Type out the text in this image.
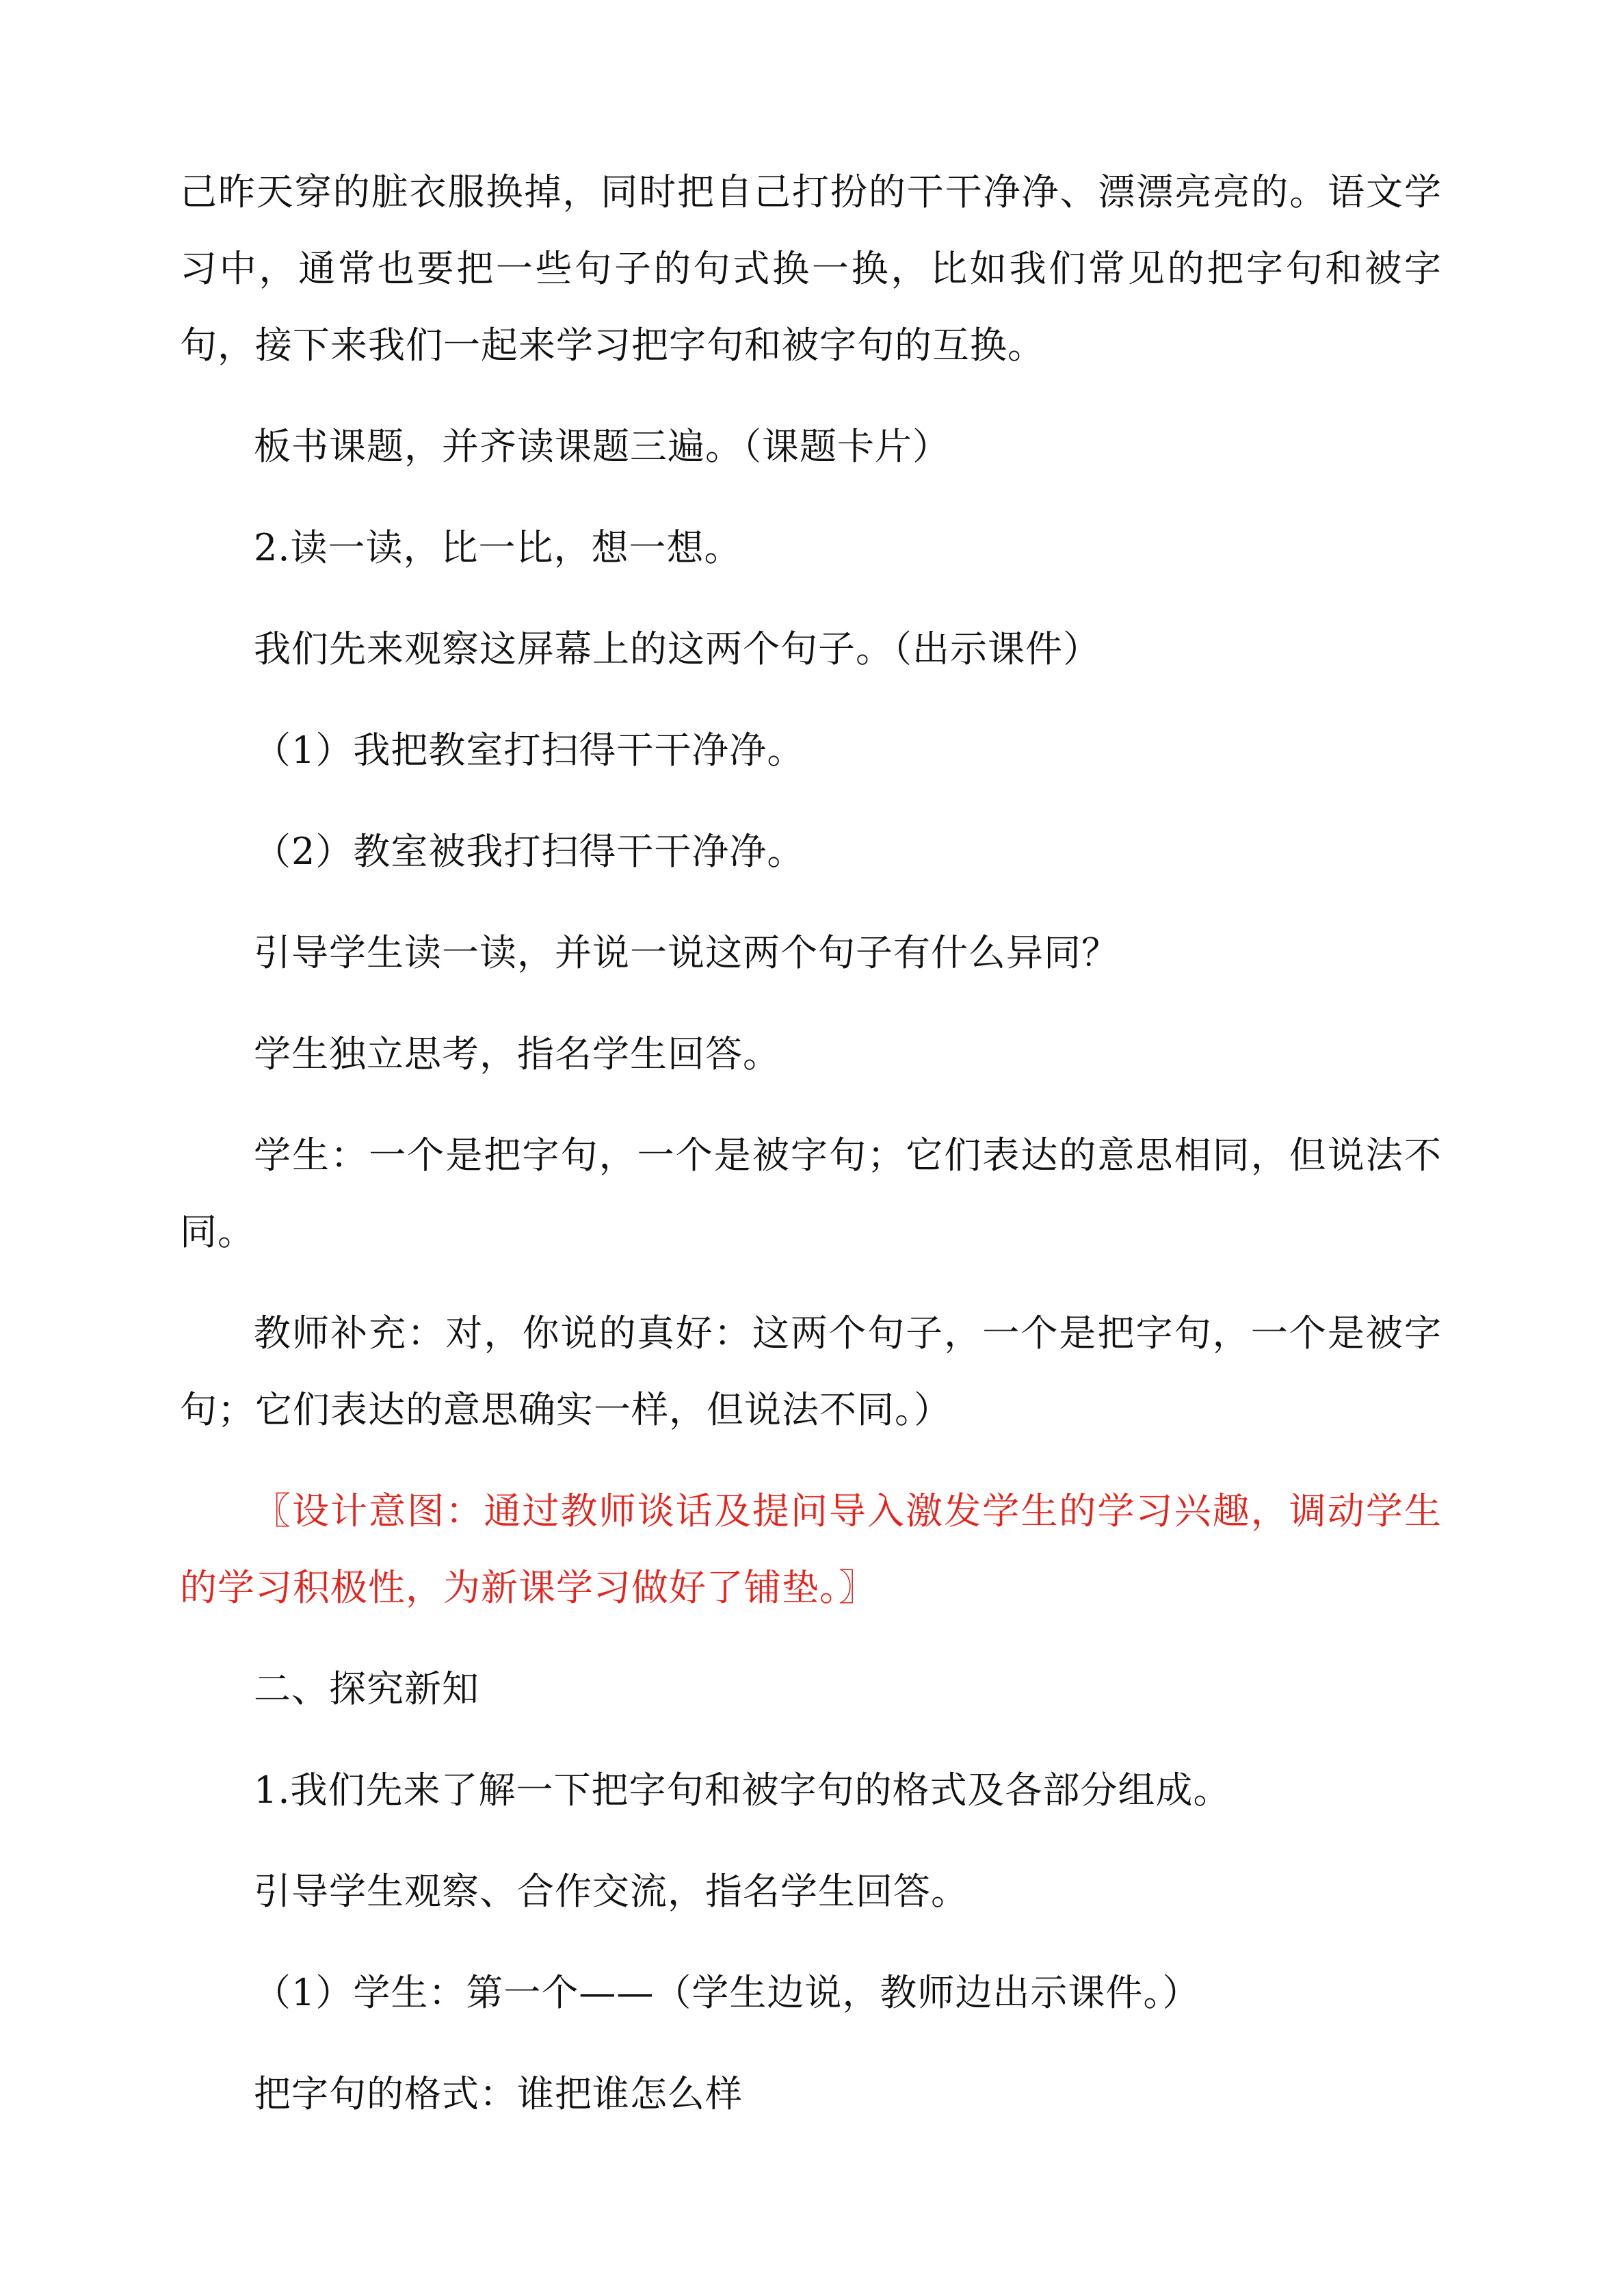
己昨天穿的脏衣服换掉，同时把自己打扮的干干净净、漂漂亮亮的。语文学习中，通常也要把一些句子的句式换一换，比如我们常见的把字句和被字句，接下来我们一起来学习把字句和被字句的互换。

板书课题，并齐读课题三遍。（课题卡片）

2.读一读，比一比，想一想。

我们先来观察这屏幕上的这两个句子。（出示课件）

（1）我把教室打扫得干干净净。

（2）教室被我打扫得干干净净。

引导学生读一读，并说一说这两个句子有什么异同？

学生独立思考，指名学生回答。

学生：一个是把字句，一个是被字句；它们表达的意思相同，但说法不同。

教师补充：对，你说的真好：这两个句子，一个是把字句，一个是被字句；它们表达的意思确实一样，但说法不同。）

〖设计意图：通过教师谈话及提问导入激发学生的学习兴趣，调动学生的学习积极性，为新课学习做好了铺垫。〗

二、探究新知

1.我们先来了解一下把字句和被字句的格式及各部分组成。

引导学生观察、合作交流，指名学生回答。

（1）学生：第一个——（学生边说，教师边出示课件。）

把字句的格式：谁把谁怎么样
